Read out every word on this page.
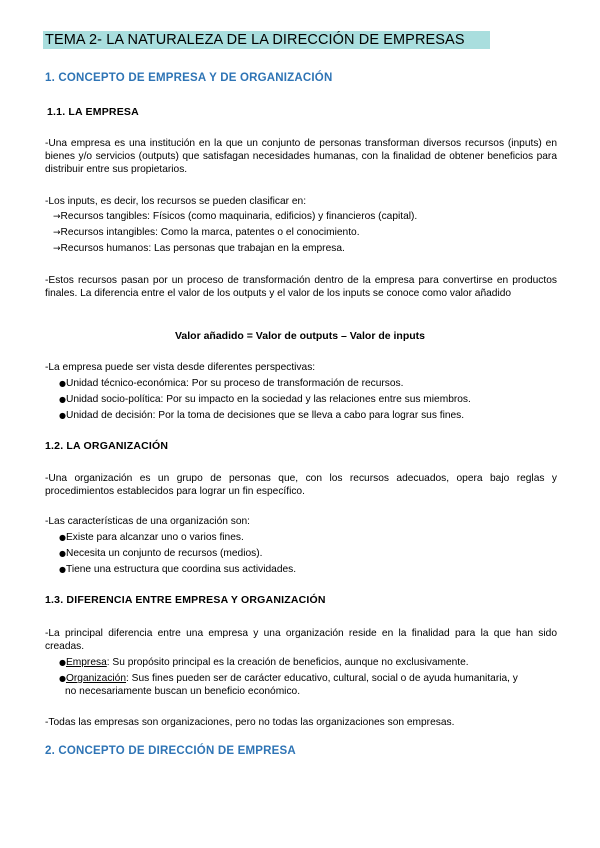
TEMA 2- LA NATURALEZA DE LA DIRECCIÓN DE EMPRESAS
1. CONCEPTO DE EMPRESA Y DE ORGANIZACIÓN
1.1. LA EMPRESA
-Una empresa es una institución en la que un conjunto de personas transforman diversos recursos (inputs) en bienes y/o servicios (outputs) que satisfagan necesidades humanas, con la finalidad de obtener beneficios para distribuir entre sus propietarios.
-Los inputs, es decir, los recursos se pueden clasificar en:
→Recursos tangibles: Físicos (como maquinaria, edificios) y financieros (capital).
→Recursos intangibles: Como la marca, patentes o el conocimiento.
→Recursos humanos: Las personas que trabajan en la empresa.
-Estos recursos pasan por un proceso de transformación dentro de la empresa para convertirse en productos finales. La diferencia entre el valor de los outputs y el valor de los inputs se conoce como valor añadido
Valor añadido = Valor de outputs – Valor de inputs
-La empresa puede ser vista desde diferentes perspectivas:
●Unidad técnico-económica: Por su proceso de transformación de recursos.
●Unidad socio-política: Por su impacto en la sociedad y las relaciones entre sus miembros.
●Unidad de decisión: Por la toma de decisiones que se lleva a cabo para lograr sus fines.
1.2. LA ORGANIZACIÓN
-Una organización es un grupo de personas que, con los recursos adecuados, opera bajo reglas y procedimientos establecidos para lograr un fin específico.
-Las características de una organización son:
●Existe para alcanzar uno o varios fines.
●Necesita un conjunto de recursos (medios).
●Tiene una estructura que coordina sus actividades.
1.3. DIFERENCIA ENTRE EMPRESA Y ORGANIZACIÓN
-La principal diferencia entre una empresa y una organización reside en la finalidad para la que han sido creadas.
●Empresa: Su propósito principal es la creación de beneficios, aunque no exclusivamente.
●Organización: Sus fines pueden ser de carácter educativo, cultural, social o de ayuda humanitaria, y
no necesariamente buscan un beneficio económico.
-Todas las empresas son organizaciones, pero no todas las organizaciones son empresas.
2. CONCEPTO DE DIRECCIÓN DE EMPRESA
